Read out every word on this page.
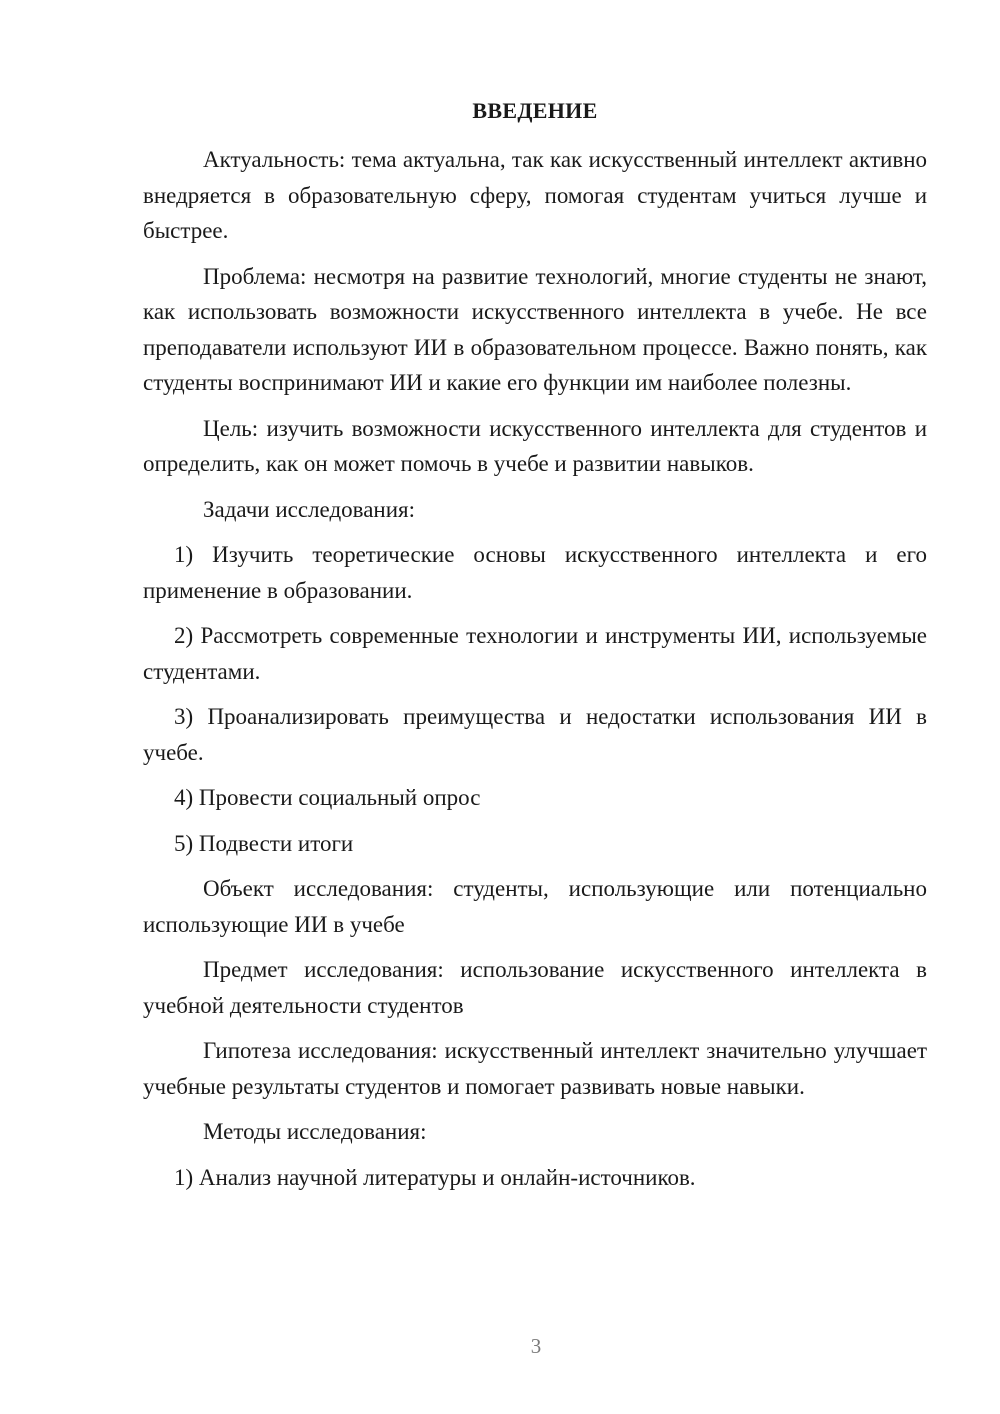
ВВЕДЕНИЕ

Актуальность: тема актуальна, так как искусственный интеллект активно внедряется в образовательную сферу, помогая студентам учиться лучше и быстрее.

Проблема: несмотря на развитие технологий, многие студенты не знают, как использовать возможности искусственного интеллекта в учебе. Не все преподаватели используют ИИ в образовательном процессе. Важно понять, как студенты воспринимают ИИ и какие его функции им наиболее полезны.

Цель: изучить возможности искусственного интеллекта для студентов и определить, как он может помочь в учебе и развитии навыков.

Задачи исследования:

1) Изучить теоретические основы искусственного интеллекта и его применение в образовании.

2) Рассмотреть современные технологии и инструменты ИИ, используемые студентами.

3) Проанализировать преимущества и недостатки использования ИИ в учебе.

4) Провести социальный опрос

5) Подвести итоги

Объект исследования: студенты, использующие или потенциально использующие ИИ в учебе

Предмет исследования: использование искусственного интеллекта в учебной деятельности студентов

Гипотеза исследования: искусственный интеллект значительно улучшает учебные результаты студентов и помогает развивать новые навыки.

Методы исследования:

1) Анализ научной литературы и онлайн-источников.

3
